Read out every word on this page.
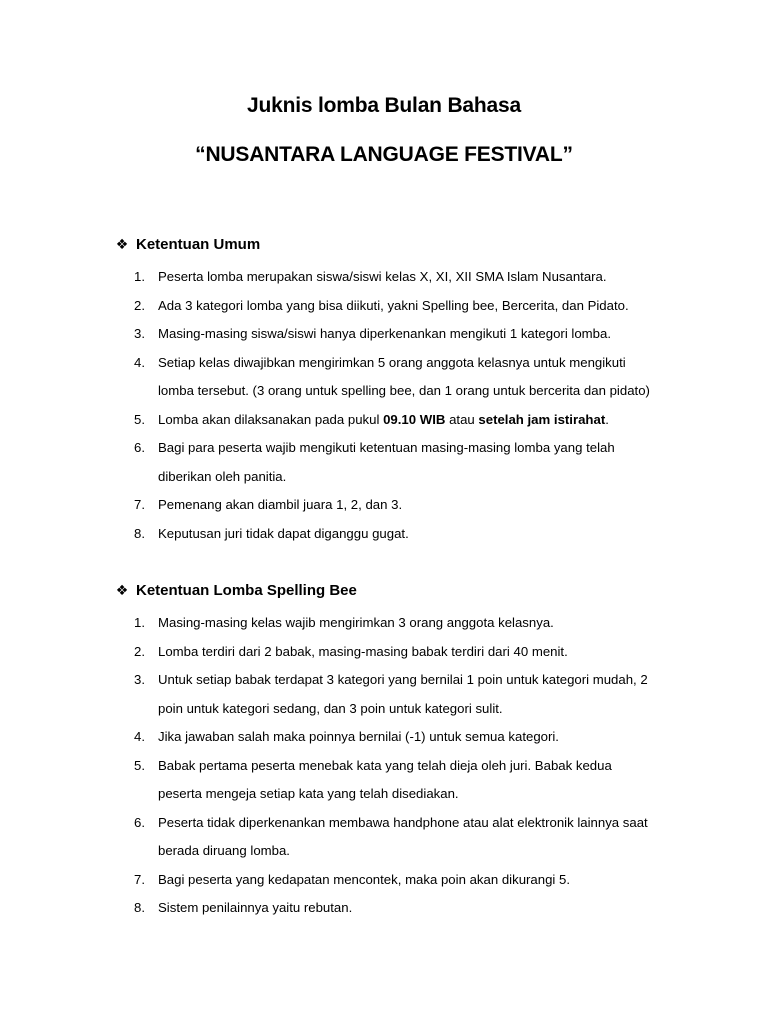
Juknis lomba Bulan Bahasa
“NUSANTARA LANGUAGE FESTIVAL”
❖ Ketentuan Umum
1. Peserta lomba merupakan siswa/siswi kelas X, XI, XII SMA Islam Nusantara.
2. Ada 3 kategori lomba yang bisa diikuti, yakni Spelling bee, Bercerita, dan Pidato.
3. Masing-masing siswa/siswi hanya diperkenankan mengikuti 1 kategori lomba.
4. Setiap kelas diwajibkan mengirimkan 5 orang anggota kelasnya untuk mengikuti
lomba tersebut. (3 orang untuk spelling bee, dan 1 orang untuk bercerita dan pidato)
5. Lomba akan dilaksanakan pada pukul 09.10 WIB atau setelah jam istirahat.
6. Bagi para peserta wajib mengikuti ketentuan masing-masing lomba yang telah
diberikan oleh panitia.
7. Pemenang akan diambil juara 1, 2, dan 3.
8. Keputusan juri tidak dapat diganggu gugat.
❖ Ketentuan Lomba Spelling Bee
1. Masing-masing kelas wajib mengirimkan 3 orang anggota kelasnya.
2. Lomba terdiri dari 2 babak, masing-masing babak terdiri dari 40 menit.
3. Untuk setiap babak terdapat 3 kategori yang bernilai 1 poin untuk kategori mudah, 2
poin untuk kategori sedang, dan 3 poin untuk kategori sulit.
4. Jika jawaban salah maka poinnya bernilai (-1) untuk semua kategori.
5. Babak pertama peserta menebak kata yang telah dieja oleh juri. Babak kedua
peserta mengeja setiap kata yang telah disediakan.
6. Peserta tidak diperkenankan membawa handphone atau alat elektronik lainnya saat
berada diruang lomba.
7. Bagi peserta yang kedapatan mencontek, maka poin akan dikurangi 5.
8. Sistem penilainnya yaitu rebutan.
